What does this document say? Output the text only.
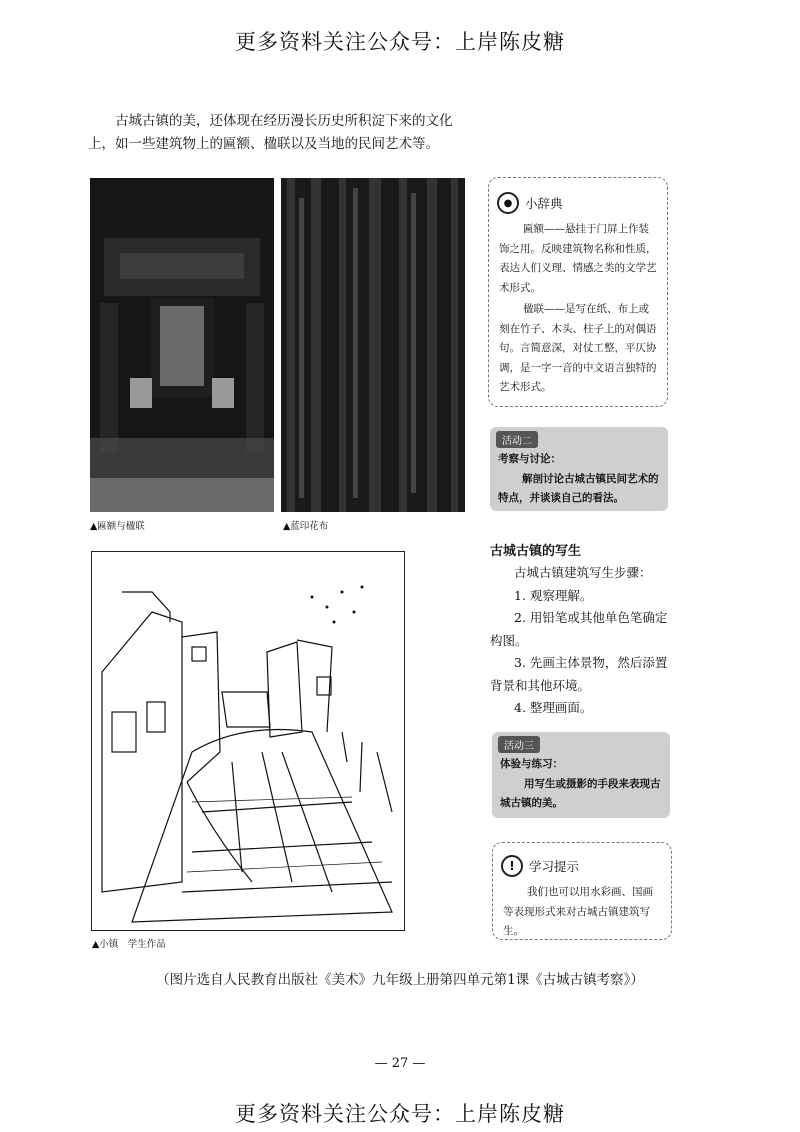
更多资料关注公众号：上岸陈皮糖
古城古镇的美，还体现在经历漫长历史所积淀下来的文化上，如一些建筑物上的匾额、楹联以及当地的民间艺术等。
▲匾额与楹联	▲蓝印花布
▲小镇　学生作品
●	小辞典
匾额——悬挂于门屏上作装饰之用。反映建筑物名称和性质，表达人们义理、情感之类的文学艺术形式。
楹联——是写在纸、布上或刻在竹子、木头、柱子上的对偶语句。言简意深，对仗工整，平仄协调，是一字一音的中文语言独特的艺术形式。
活动二
考察与讨论：
解剖讨论古城古镇民间艺术的特点，并谈谈自己的看法。
古城古镇的写生

古城古镇建筑写生步骤：

1. 观察理解。

2. 用铅笔或其他单色笔确定构图。

3. 先画主体景物，然后添置背景和其他环境。

4. 整理画面。

活动三
体验与练习：
用写生或摄影的手段来表现古城古镇的美。
!	学习提示
我们也可以用水彩画、国画等表现形式来对古城古镇建筑写生。
（图片选自人民教育出版社《美术》九年级上册第四单元第1课《古城古镇考察》）
— 27 —
更多资料关注公众号：上岸陈皮糖
